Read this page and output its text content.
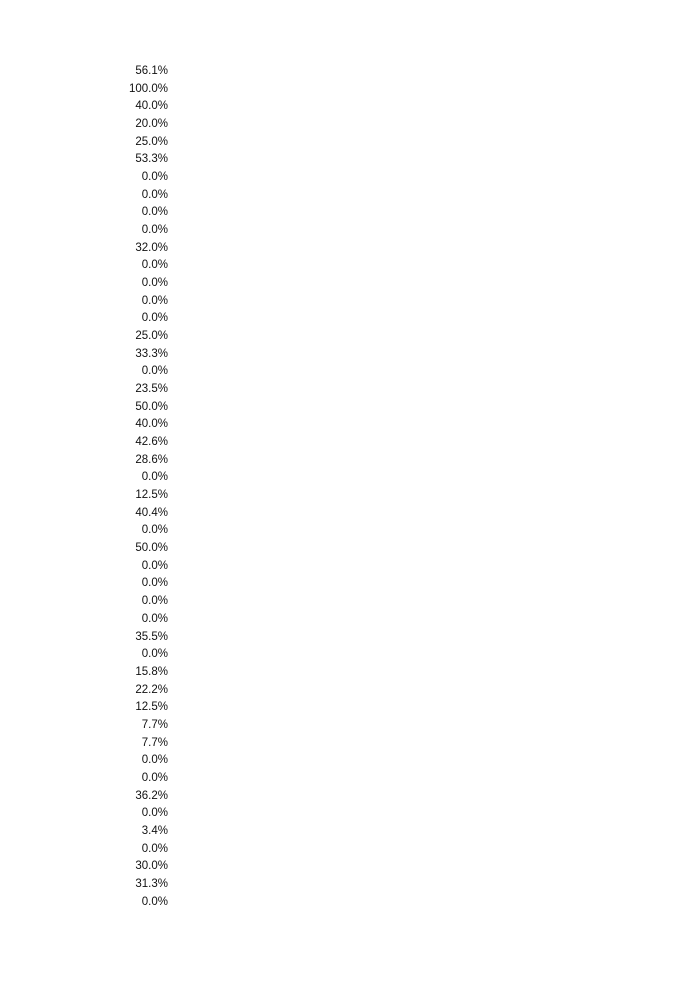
56.1%
100.0%
40.0%
20.0%
25.0%
53.3%
0.0%
0.0%
0.0%
0.0%
32.0%
0.0%
0.0%
0.0%
0.0%
25.0%
33.3%
0.0%
23.5%
50.0%
40.0%
42.6%
28.6%
0.0%
12.5%
40.4%
0.0%
50.0%
0.0%
0.0%
0.0%
0.0%
35.5%
0.0%
15.8%
22.2%
12.5%
7.7%
7.7%
0.0%
0.0%
36.2%
0.0%
3.4%
0.0%
30.0%
31.3%
0.0%
